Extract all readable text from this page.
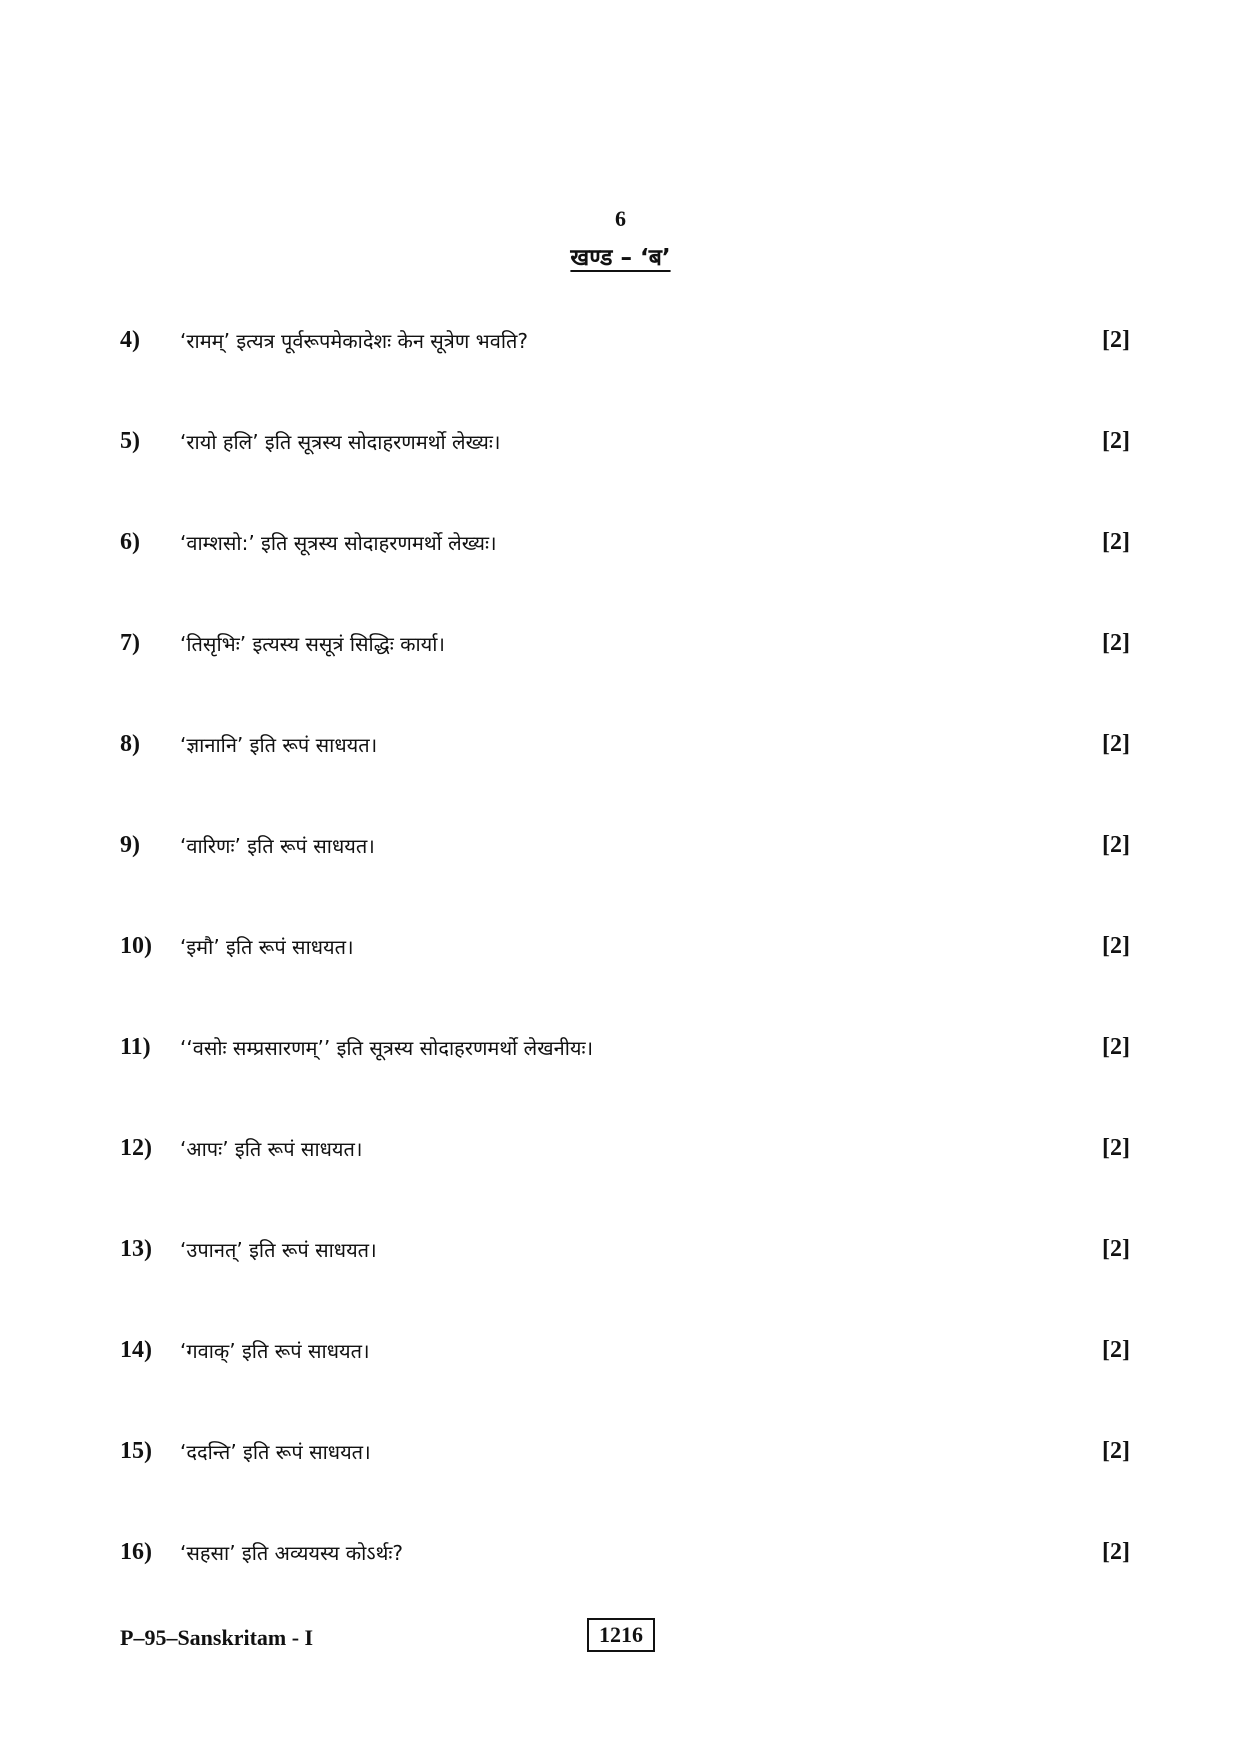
6
खण्ड – ‘ब’
4)	‘रामम्’ इत्यत्र पूर्वरूपमेकादेशः केन सूत्रेण भवति?	[2]
5)	‘रायो हलि’ इति सूत्रस्य सोदाहरणमर्थो लेख्यः।	[2]
6)	‘वाम्शसो:’ इति सूत्रस्य सोदाहरणमर्थो लेख्यः।	[2]
7)	‘तिसृभिः’ इत्यस्य ससूत्रं सिद्धिः कार्या।	[2]
8)	‘ज्ञानानि’ इति रूपं साधयत।	[2]
9)	‘वारिणः’ इति रूपं साधयत।	[2]
10)	‘इमौ’ इति रूपं साधयत।	[2]
11)	‘‘वसोः सम्प्रसारणम्’’ इति सूत्रस्य सोदाहरणमर्थो लेखनीयः।	[2]
12)	‘आपः’ इति रूपं साधयत।	[2]
13)	‘उपानत्’ इति रूपं साधयत।	[2]
14)	‘गवाक्’ इति रूपं साधयत।	[2]
15)	‘ददन्ति’ इति रूपं साधयत।	[2]
16)	‘सहसा’ इति अव्ययस्य कोऽर्थः?	[2]
P–95–Sanskritam - I	1216
